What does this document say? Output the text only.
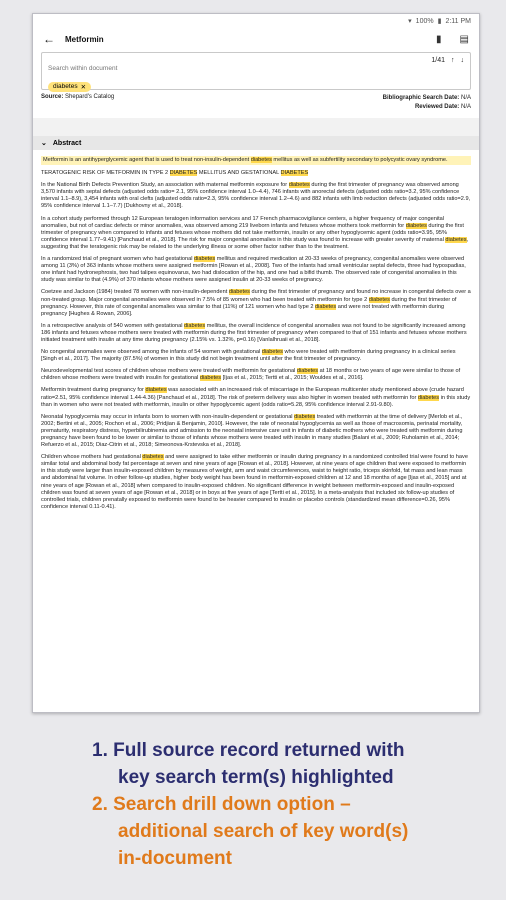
▾ 100% ▮ 2:11 PM
← Metformin	▮ ▤
Search within document
1/41 ↑ ↓
diabetes ✕
Source: Shepard's Catalog	Bibliographic Search Date: N/A
Reviewed Date: N/A
⌄ Abstract

Metformin is an antihyperglycemic agent that is used to treat non-insulin-dependent diabetes mellitus as well as subfertility secondary to polycystic ovary syndrome.

TERATOGENIC RISK OF METFORMIN IN TYPE 2 DIABETES MELLITUS AND GESTATIONAL DIABETES

In the National Birth Defects Prevention Study, an association with maternal metformin exposure for diabetes during the first trimester of pregnancy was observed among 3,570 infants with septal defects (adjusted odds ratio= 2.1, 95% confidence interval 1.0–4.4), 746 infants with anorectal defects (adjusted odds ratio=3.2, 95% confidence interval 1.1–8.9), 3,454 infants with oral clefts (adjusted odds ratio=2.3, 95% confidence interval 1.2–4.6) and 882 infants with limb reduction defects (adjusted odds ratio=2.9, 95% confidence interval 1.1–7.7) [Dukhovny et al., 2018].

In a cohort study performed through 12 European teratogen information services and 17 French pharmacovigilance centers, a higher frequency of major congenital anomalies, but not of cardiac defects or minor anomalies, was observed among 219 liveborn infants and fetuses whose mothers took metformin for diabetes during the first trimester of pregnancy when compared to infants and fetuses whose mothers did not take metformin, insulin or any other hypoglycemic agent (odds ratio=3.95, 95% confidence interval 1.77–9.41) [Panchaud et al., 2018]. The risk for major congenital anomalies in this study was found to increase with greater severity of maternal diabetes, suggesting that the teratogenic risk may be related to the underlying illness or some other factor rather than to the treatment.

In a randomized trial of pregnant women who had gestational diabetes mellitus and required medication at 20-33 weeks of pregnancy, congenital anomalies were observed among 11 (3%) of 363 infants whose mothers were assigned metformin [Rowan et al., 2008]. Two of the infants had small ventricular septal defects, three had hypospadias, one infant had hydronephrosis, two had talipes equinovarus, two had dislocation of the hip, and one had a bifid thumb. The observed rate of congenital anomalies in this study was similar to that (4.9%) of 370 infants whose mothers were assigned insulin at 20-33 weeks of pregnancy.

Coetzee and Jackson (1984) treated 78 women with non-insulin-dependent diabetes during the first trimester of pregnancy and found no increase in congenital defects over a non-treated group. Major congenital anomalies were observed in 7.5% of 85 women who had been treated with metformin for type 2 diabetes during the first trimester of pregnancy. However, this rate of congenital anomalies was similar to that (11%) of 121 women who had type 2 diabetes and were not treated with metformin during pregnancy [Hughes & Rowan, 2006].

In a retrospective analysis of 540 women with gestational diabetes mellitus, the overall incidence of congenital anomalies was not found to be significantly increased among 186 infants and fetuses whose mothers were treated with metformin during the first trimester of pregnancy when compared to that of 151 infants and fetuses whose mothers initiated treatment with insulin at any time during pregnancy (2.15% vs. 1.32%, p=0.16) [Vanlalhruaii et al., 2018].

No congenital anomalies were observed among the infants of 54 women with gestational diabetes who were treated with metformin during pregnancy in a clinical series [Singh et al., 2017]. The majority (87.5%) of women in this study did not begin treatment until after the first trimester of pregnancy.

Neurodevelopmental test scores of children whose mothers were treated with metformin for gestational diabetes at 18 months or two years of age were similar to those of children whose mothers were treated with insulin for gestational diabetes [Ijas et al., 2015; Tertti et al., 2015; Wouldes et al., 2016].

Metformin treatment during pregnancy for diabetes was associated with an increased risk of miscarriage in the European multicenter study mentioned above (crude hazard ratio=2.51, 95% confidence interval 1.44-4.36) [Panchaud et al., 2018]. The risk of preterm delivery was also higher in women treated with metformin for diabetes in this study than in women who were not treated with metformin, insulin or other hypoglycemic agent (odds ratio=5.28, 95% confidence interval 2.91-9.80).

Neonatal hypoglycemia may occur in infants born to women with non-insulin-dependent or gestational diabetes treated with metformin at the time of delivery [Merlob et al., 2002; Bertini et al., 2005; Rochon et al., 2006; Pridjian & Benjamin, 2010]. However, the rate of neonatal hypoglycemia as well as those of macrosomia, perinatal mortality, prematurity, respiratory distress, hyperbilirubinemia and admission to the neonatal intensive care unit in infants of diabetic mothers who were treated with metformin during pregnancy have been found to be lower or similar to those of infants whose mothers were treated with insulin in many studies [Balani et al., 2009; Ruholamin et al., 2014; Refuerzo et al., 2015; Diaz-Citrin et al., 2018; Simeonova-Krstevska et al., 2018].

Children whose mothers had gestational diabetes and were assigned to take either metformin or insulin during pregnancy in a randomized controlled trial were found to have similar total and abdominal body fat percentage at seven and nine years of age [Rowan et al., 2018]. However, at nine years of age children that were exposed to metformin in this study were larger than insulin-exposed children by measures of weight, arm and waist circumferences, waist to height ratio, triceps skinfold, fat mass and lean mass and abdominal fat volume. In other follow-up studies, higher body weight has been found in metformin-exposed children at 12 and 18 months of age [Ijas et al., 2015] and at nine years of age [Rowan et al., 2018] when compared to insulin-exposed children. No significant difference in weight between metformin-exposed and insulin-exposed children was found at seven years of age [Rowan et al., 2018] or in boys at five years of age [Tertti et al., 2015]. In a meta-analysis that included six follow-up studies of controlled trials, children prenatally exposed to metformin were found to be heavier compared to insulin or placebo controls (standardized mean difference=0.26, 95% confidence interval 0.11-0.41).

1. Full source record returned with

key search term(s) highlighted

2. Search drill down option –

additional search of key word(s)

in-document
